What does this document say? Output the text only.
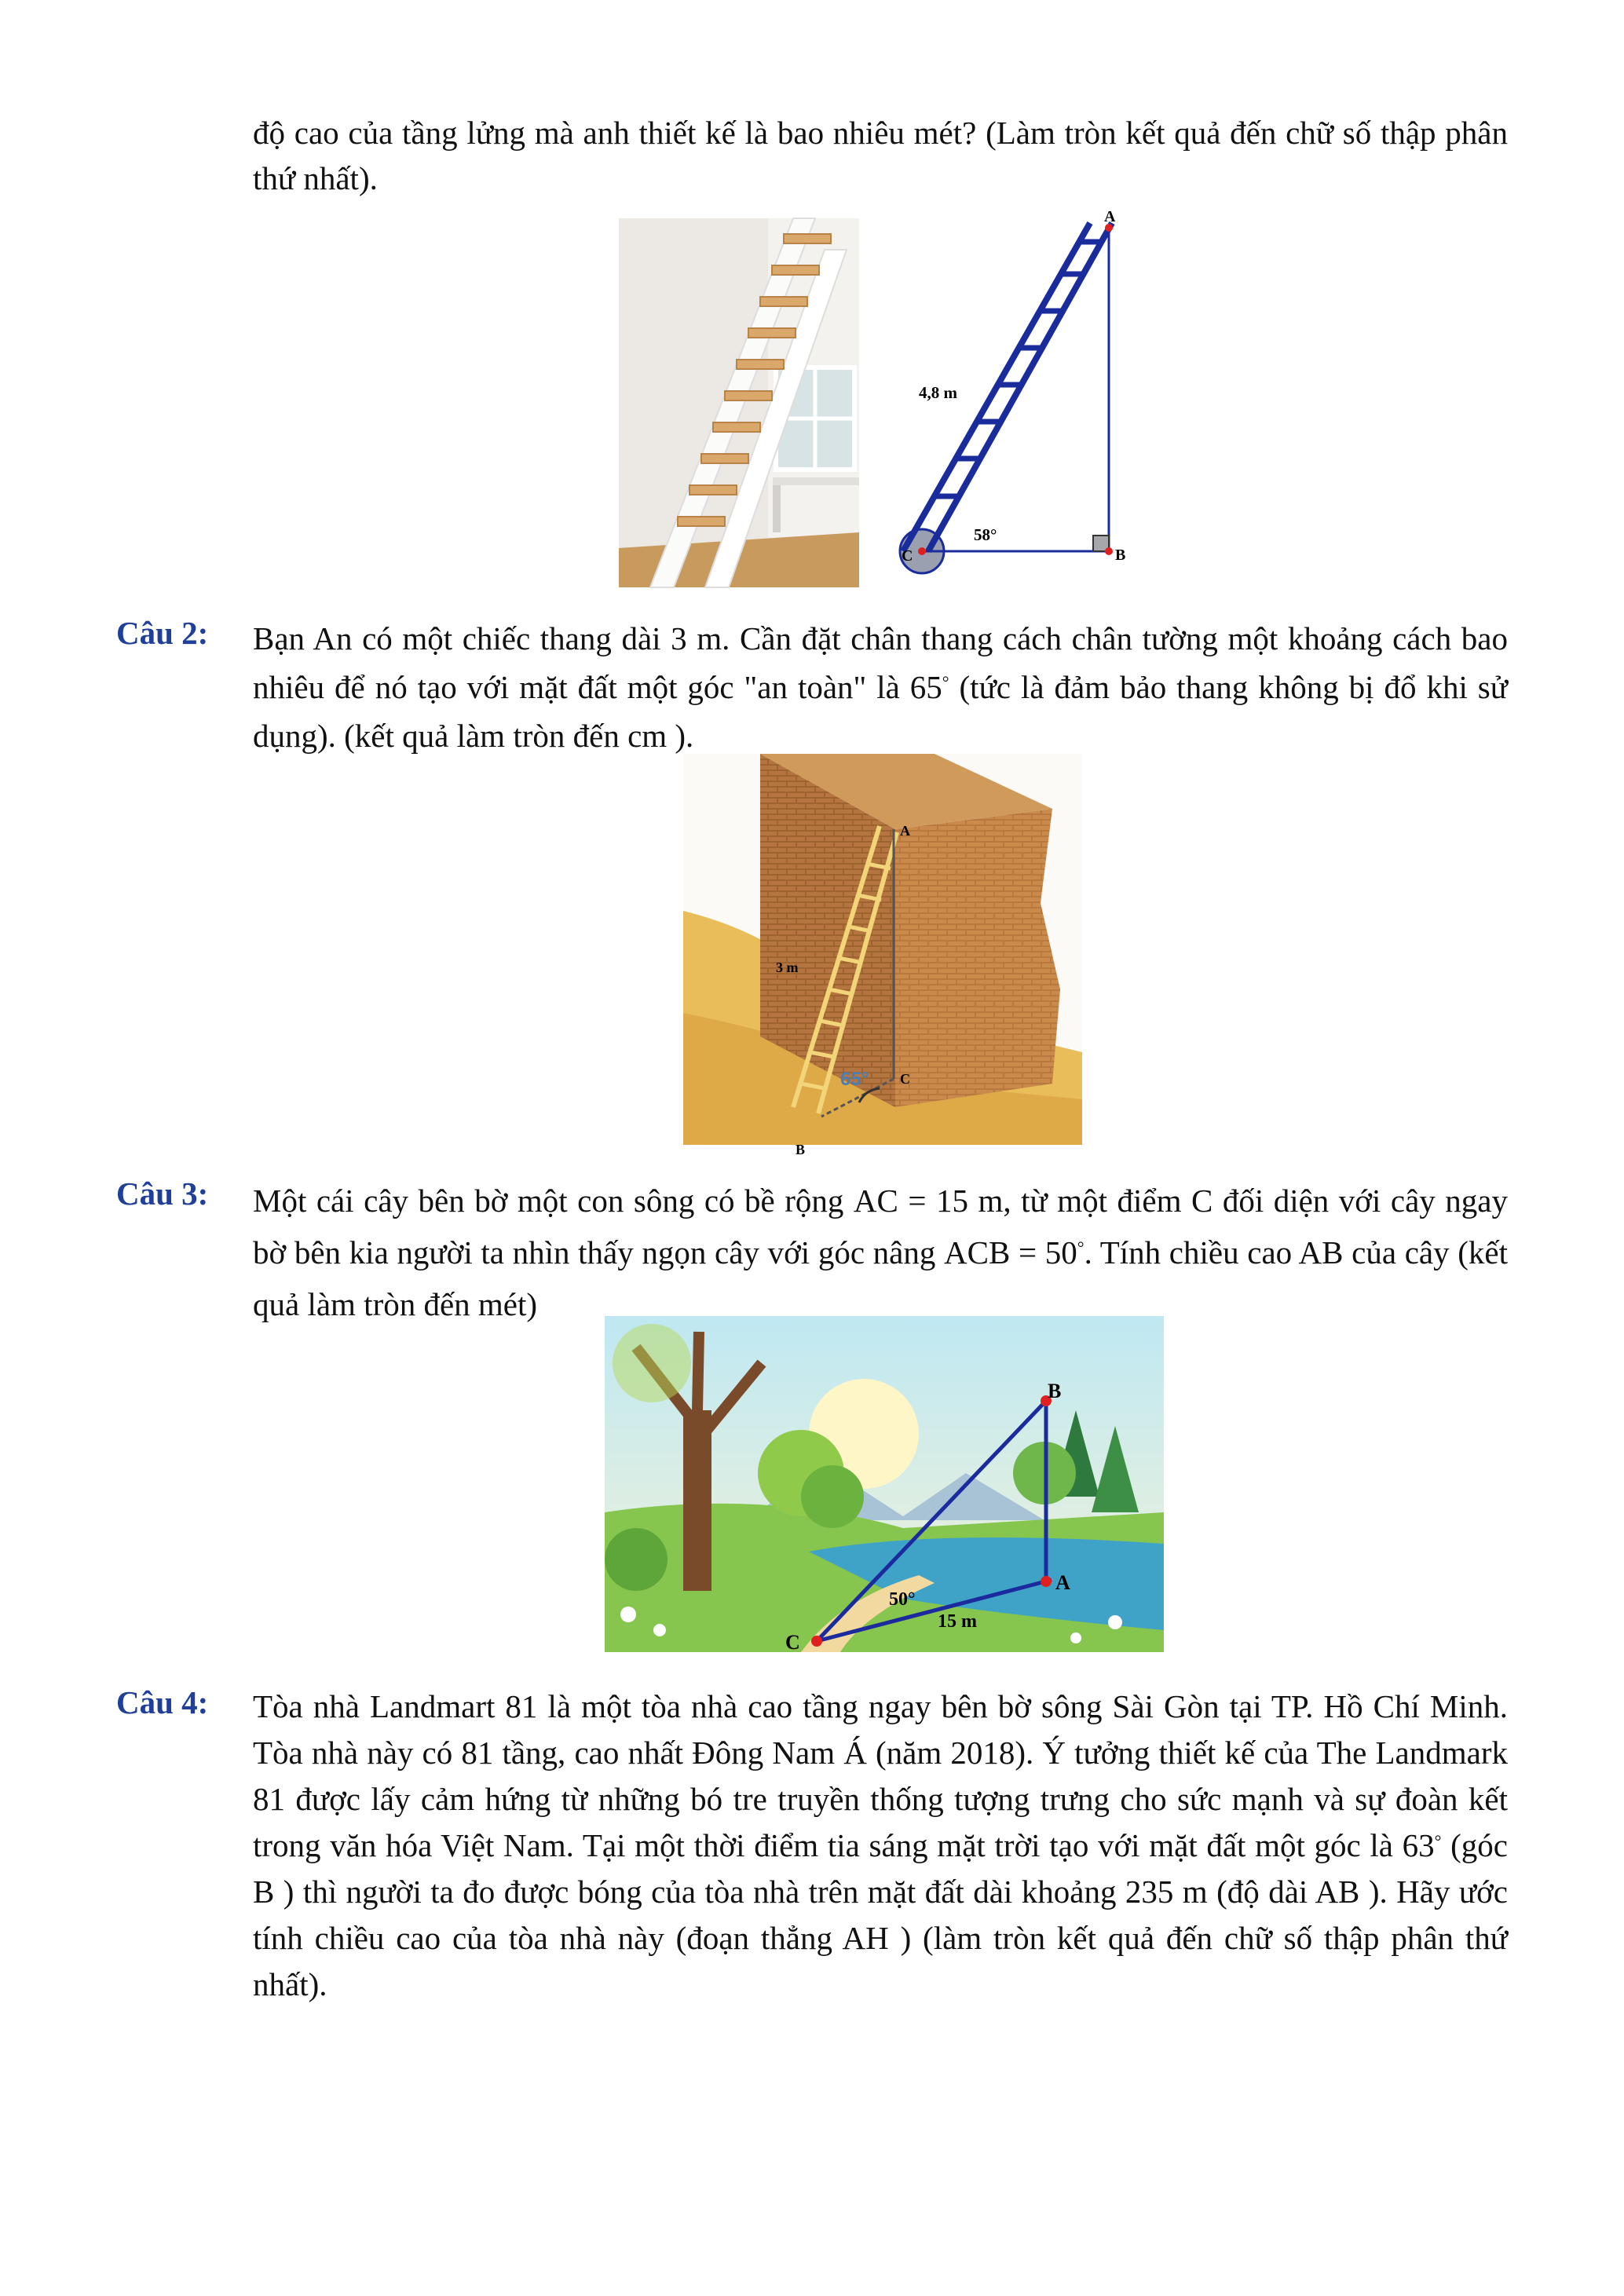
độ cao của tầng lửng mà anh thiết kế là bao nhiêu mét? (Làm tròn kết quả đến chữ số thập phân thứ nhất).
A
B
C
4,8 m
58°
Câu 2: Bạn An có một chiếc thang dài 3 m. Cần đặt chân thang cách chân tường một khoảng cách bao nhiêu để nó tạo với mặt đất một góc "an toàn" là 65° (tức là đảm bảo thang không bị đổ khi sử dụng). (kết quả làm tròn đến cm ).
A
B
C
3 m
65°
Câu 3: Một cái cây bên bờ một con sông có bề rộng AC = 15 m, từ một điểm C đối diện với cây ngay bờ bên kia người ta nhìn thấy ngọn cây với góc nâng ACB = 50°. Tính chiều cao AB của cây (kết quả làm tròn đến mét)
B
A
C
50°
15 m
Câu 4: Tòa nhà Landmart 81 là một tòa nhà cao tầng ngay bên bờ sông Sài Gòn tại TP. Hồ Chí Minh. Tòa nhà này có 81 tầng, cao nhất Đông Nam Á (năm 2018). Ý tưởng thiết kế của The Landmark 81 được lấy cảm hứng từ những bó tre truyền thống tượng trưng cho sức mạnh và sự đoàn kết trong văn hóa Việt Nam. Tại một thời điểm tia sáng mặt trời tạo với mặt đất một góc là 63° (góc B ) thì người ta đo được bóng của tòa nhà trên mặt đất dài khoảng 235 m (độ dài AB ). Hãy ước tính chiều cao của tòa nhà này (đoạn thẳng AH ) (làm tròn kết quả đến chữ số thập phân thứ nhất).
